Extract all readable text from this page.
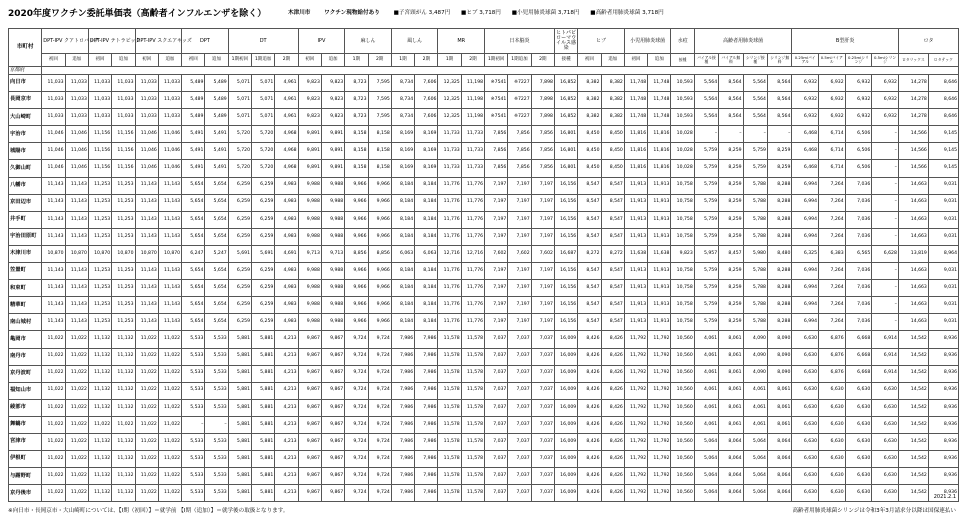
2020年度ワクチン委託単価表（高齢者インフルエンザを除く）	木津川市 ワクチン現物給付あり ■子宮頸がん 3,487円 ■ヒブ 3,718円 ■小児用肺炎球菌 3,718円 ■高齢者用肺炎球菌 3,718円
市町村	DPT-IPV クアトロバック		DPT-IPV テトラビック		DPT-IPV スクエアキッズ		DPT		DT			IPV		麻しん		風しん		MR		日本脳炎			ヒトパピローマウイルス感染	ヒブ		小児用肺炎球菌		水痘	高齢者用肺炎球菌				B型肝炎				ロタ	
	初回	追加	初回	追加	初回	追加	初回	追加	1期初回	1期追加	2期	初回	追加	1期	2期	1期	2期	1期	2期	1期初回	1期追加	2期	接種	初回	追加	初回	追加	接種	バイアル接種	バイアル無料	シリンジ接種	シリンジ無料	0.25mlバイアル	0.5mlバイアル	0.25mlシリンジ	0.5mlシリンジ	ロタリックス	ロタテック
京都府																																						
向日市	11,033	11,033	11,033	11,033	11,033	11,033	5,489	5,489	5,071	5,071	4,961	9,823	9,823	8,723	7,595	8,734	7,606	12,325	11,198	※7541	※7227	7,898	16,852	8,382	8,382	11,748	11,748	10,593	5,564	8,564	5,564	8,564	6,932	6,932	6,932	6,932	14,278	8,646
長岡京市	11,033	11,033	11,033	11,033	11,033	11,033	5,489	5,489	5,071	5,071	4,961	9,823	9,823	8,723	7,595	8,734	7,606	12,325	11,198	※7541	※7227	7,898	16,852	8,382	8,382	11,748	11,748	10,593	5,564	8,564	5,564	8,564	6,932	6,932	6,932	6,932	14,278	8,646
大山崎町	11,033	11,033	11,033	11,033	11,033	11,033	5,489	5,489	5,071	5,071	4,961	9,823	9,823	8,723	7,595	8,734	7,606	12,325	11,198	※7541	※7227	7,898	16,852	8,382	8,382	11,748	11,748	10,593	5,564	8,564	5,564	8,564	6,932	6,932	6,932	6,932	14,278	8,646
宇治市	11,046	11,046	11,156	11,156	11,046	11,046	5,491	5,491	5,720	5,720	4,968	9,891	9,891	8,158	8,158	8,169	8,169	11,733	11,733	7,856	7,856	7,856	16,801	8,450	8,450	11,816	11,816	10,028	–	–	–	–	6,468	6,714	6,506	–	14,566	9,145
城陽市	11,046	11,046	11,156	11,156	11,046	11,046	5,491	5,491	5,720	5,720	4,968	9,891	9,891	8,158	8,158	8,169	8,169	11,733	11,733	7,856	7,856	7,856	16,801	8,450	8,450	11,816	11,816	10,028	5,759	8,259	5,759	8,259	6,468	6,714	6,506	–	14,566	9,145
久御山町	11,046	11,046	11,156	11,156	11,046	11,046	5,491	5,491	5,720	5,720	4,968	9,891	9,891	8,158	8,158	8,169	8,169	11,733	11,733	7,856	7,856	7,856	16,801	8,450	8,450	11,816	11,816	10,028	5,759	8,259	5,759	8,259	6,468	6,714	6,506	–	14,566	9,145
八幡市	11,143	11,143	11,253	11,253	11,143	11,143	5,654	5,654	6,259	6,259	4,983	9,988	9,988	9,966	9,966	8,184	8,184	11,776	11,776	7,197	7,197	7,197	16,156	8,547	8,547	11,913	11,913	10,758	5,759	8,259	5,788	8,288	6,994	7,264	7,036	–	14,663	9,031
京田辺市	11,143	11,143	11,253	11,253	11,143	11,143	5,654	5,654	6,259	6,259	4,983	9,988	9,988	9,966	9,966	8,184	8,184	11,776	11,776	7,197	7,197	7,197	16,156	8,547	8,547	11,913	11,913	10,758	5,759	8,259	5,788	8,288	6,994	7,264	7,036	–	14,663	9,031
井手町	11,143	11,143	11,253	11,253	11,143	11,143	5,654	5,654	6,259	6,259	4,983	9,988	9,988	9,966	9,966	8,184	8,184	11,776	11,776	7,197	7,197	7,197	16,156	8,547	8,547	11,913	11,913	10,758	5,759	8,259	5,788	8,288	6,994	7,264	7,036	–	14,663	9,031
宇治田原町	11,143	11,143	11,253	11,253	11,143	11,143	5,654	5,654	6,259	6,259	4,983	9,988	9,988	9,966	9,966	8,184	8,184	11,776	11,776	7,197	7,197	7,197	16,156	8,547	8,547	11,913	11,913	10,758	5,759	8,259	5,788	8,288	6,994	7,264	7,036	–	14,663	9,031
木津川市	10,870	10,870	10,870	10,870	10,870	10,870	6,247	5,247	5,691	5,691	4,691	9,713	9,713	8,856	8,856	6,063	6,063	12,716	12,716	7,602	7,602	7,602	16,687	8,272	8,272	11,638	11,638	9,823	5,957	8,457	5,980	8,480	6,325	6,383	6,565	6,628	13,819	8,964
笠置町	11,143	11,143	11,253	11,253	11,143	11,143	5,654	5,654	6,259	6,259	4,983	9,988	9,988	9,966	9,966	8,184	8,184	11,776	11,776	7,197	7,197	7,197	16,156	8,547	8,547	11,913	11,913	10,758	5,759	8,259	5,788	8,288	6,994	7,264	7,036	–	14,663	9,031
和束町	11,143	11,143	11,253	11,253	11,143	11,143	5,654	5,654	6,259	6,259	4,983	9,988	9,988	9,966	9,966	8,184	8,184	11,776	11,776	7,197	7,197	7,197	16,156	8,547	8,547	11,913	11,913	10,758	5,759	8,259	5,788	8,288	6,994	7,264	7,036	–	14,663	9,031
精華町	11,143	11,143	11,253	11,253	11,143	11,143	5,654	5,654	6,259	6,259	4,983	9,988	9,988	9,966	9,966	8,184	8,184	11,776	11,776	7,197	7,197	7,197	16,156	8,547	8,547	11,913	11,913	10,758	5,759	8,259	5,788	8,288	6,994	7,264	7,036	–	14,663	9,031
南山城村	11,143	11,143	11,253	11,253	11,143	11,143	5,654	5,654	6,259	6,259	4,983	9,988	9,988	9,966	9,966	8,184	8,184	11,776	11,776	7,197	7,197	7,197	16,156	8,547	8,547	11,913	11,913	10,758	5,759	8,259	5,788	8,288	6,994	7,264	7,036	–	14,663	9,031
亀岡市	11,022	11,022	11,132	11,132	11,022	11,022	5,533	5,533	5,881	5,881	4,213	9,867	9,867	9,724	9,724	7,986	7,986	11,578	11,578	7,037	7,037	7,037	16,009	8,426	8,426	11,792	11,792	10,560	4,061	8,061	4,090	8,090	6,630	6,876	6,668	6,914	14,542	8,936
南丹市	11,022	11,022	11,132	11,132	11,022	11,022	5,533	5,533	5,881	5,881	4,213	9,867	9,867	9,724	9,724	7,986	7,986	11,578	11,578	7,037	7,037	7,037	16,009	8,426	8,426	11,792	11,792	10,560	4,061	8,061	4,090	8,090	6,630	6,876	6,668	6,914	14,542	8,936
京丹波町	11,022	11,022	11,132	11,132	11,022	11,022	5,533	5,533	5,881	5,881	4,213	9,867	9,867	9,724	9,724	7,986	7,986	11,578	11,578	7,037	7,037	7,037	16,009	8,426	8,426	11,792	11,792	10,560	4,061	8,061	4,090	8,090	6,630	6,876	6,668	6,914	14,542	8,936
福知山市	11,022	11,022	11,132	11,132	11,022	11,022	5,533	5,533	5,881	5,881	4,213	9,867	9,867	9,724	9,724	7,986	7,986	11,578	11,578	7,037	7,037	7,037	16,009	8,426	8,426	11,792	11,792	10,560	4,061	8,061	4,061	8,061	6,630	6,630	6,630	6,630	14,542	8,936
綾部市	11,022	11,022	11,132	11,132	11,022	11,022	5,533	5,533	5,881	5,881	4,213	9,867	9,867	9,724	9,724	7,986	7,986	11,578	11,578	7,037	7,037	7,037	16,009	8,426	8,426	11,792	11,792	10,560	4,061	8,061	4,061	8,061	6,630	6,630	6,630	6,630	14,542	8,936
舞鶴市	11,022	11,022	11,022	11,022	11,022	11,022	–	–	5,881	5,881	4,213	9,867	9,867	9,724	9,724	7,986	7,986	11,578	11,578	7,037	7,037	7,037	16,009	8,426	8,426	11,792	11,792	10,560	4,061	8,061	4,061	8,061	6,630	6,630	6,630	6,630	14,542	8,936
宮津市	11,022	11,022	11,132	11,132	11,022	11,022	5,533	5,533	5,881	5,881	4,213	9,867	9,867	9,724	9,724	7,986	7,986	11,578	11,578	7,037	7,037	7,037	16,009	8,426	8,426	11,792	11,792	10,560	5,064	8,064	5,064	8,064	6,630	6,630	6,630	6,630	14,542	8,936
伊根町	11,022	11,022	11,132	11,132	11,022	11,022	5,533	5,533	5,881	5,881	4,213	9,867	9,867	9,724	9,724	7,986	7,986	11,578	11,578	7,037	7,037	7,037	16,009	8,426	8,426	11,792	11,792	10,560	5,064	8,064	5,064	8,064	6,630	6,630	6,630	6,630	14,542	8,936
与謝野町	11,022	11,022	11,132	11,132	11,022	11,022	5,533	5,533	5,881	5,881	4,213	9,867	9,867	9,724	9,724	7,986	7,986	11,578	11,578	7,037	7,037	7,037	16,009	8,426	8,426	11,792	11,792	10,560	5,064	8,064	5,064	8,064	6,630	6,630	6,630	6,630	14,542	8,936
京丹後市	11,022	11,022	11,132	11,132	11,022	11,022	5,533	5,533	5,881	5,881	4,213	9,867	9,867	9,724	9,724	7,986	7,986	11,578	11,578	7,037	7,037	7,037	16,009	8,426	8,426	11,792	11,792	10,560	5,064	8,064	5,064	8,064	6,630	6,630	6,630	6,630	14,542	8,936
2021.2.1
※向日市・長岡京市・大山崎町については、【Ⅰ期（初回）】＝就学前 【Ⅰ期（追加）】＝就学後の取扱となります。	高齢者用肺炎球菌シリンジは令和3年3月請求分以降は国保連払い
